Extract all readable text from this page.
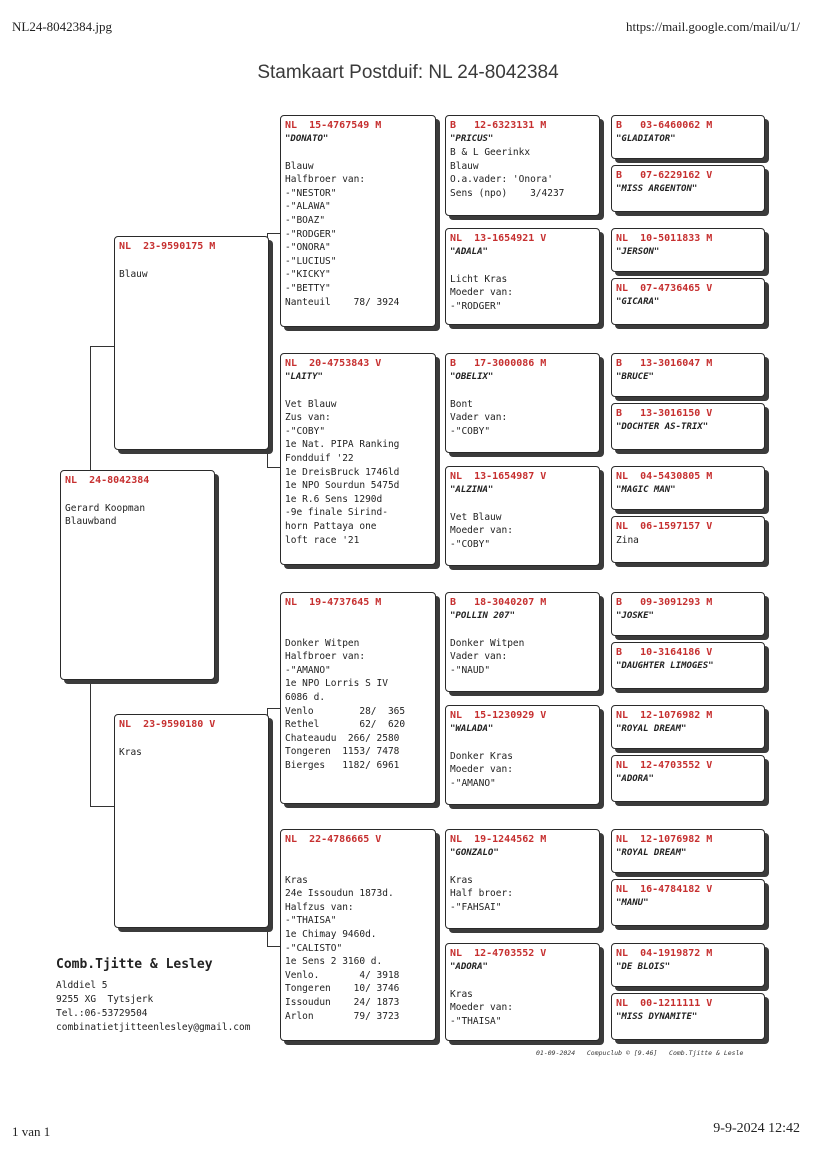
NL24-8042384.jpg	https://mail.google.com/mail/u/1/
Stamkaart Postduif: NL 24-8042384
NL  24-8042384

Gerard Koopman
Blauwband
NL  23-9590175 M

Blauw
NL  23-9590180 V

Kras
NL  15-4767549 M
"DONATO"

Blauw
Halfbroer van:
-"NESTOR"
-"ALAWA"
-"BOAZ"
-"RODGER"
-"ONORA"
-"LUCIUS"
-"KICKY"
-"BETTY"
Nanteuil    78/ 3924
NL  20-4753843 V
"LAITY"

Vet Blauw
Zus van:
-"COBY"
1e Nat. PIPA Ranking
Fondduif '22
1e DreisBruck 1746ld
1e NPO Sourdun 5475d
1e R.6 Sens 1290d
-9e finale Sirind-
horn Pattaya one
loft race '21
NL  19-4737645 M

Donker Witpen
Halfbroer van:
-"AMANO"
1e NPO Lorris S IV
6086 d.
Venlo        28/  365
Rethel       62/  620
Chateaudu  266/ 2580
Tongeren  1153/ 7478
Bierges   1182/ 6961
NL  22-4786665 V

Kras
24e Issoudun 1873d.
Halfzus van:
-"THAISA"
1e Chimay 9460d.
-"CALISTO"
1e Sens 2 3160 d.
Venlo.       4/ 3918
Tongeren    10/ 3746
Issoudun    24/ 1873
Arlon       79/ 3723
B   12-6323131 M
"PRICUS"
B & L Geerinkx
Blauw
O.a.vader: 'Onora'
Sens (npo)    3/4237
NL  13-1654921 V
"ADALA"

Licht Kras
Moeder van:
-"RODGER"
B   17-3000086 M
"OBELIX"

Bont
Vader van:
-"COBY"
NL  13-1654987 V
"ALZINA"

Vet Blauw
Moeder van:
-"COBY"
B   18-3040207 M
"POLLIN 207"

Donker Witpen
Vader van:
-"NAUD"
NL  15-1230929 V
"WALADA"

Donker Kras
Moeder van:
-"AMANO"
NL  19-1244562 M
"GONZALO"

Kras
Half broer:
-"FAHSAI"
NL  12-4703552 V
"ADORA"

Kras
Moeder van:
-"THAISA"
B   03-6460062 M
"GLADIATOR"
B   07-6229162 V
"MISS ARGENTON"
NL  10-5011833 M
"JERSON"
NL  07-4736465 V
"GICARA"
B   13-3016047 M
"BRUCE"
B   13-3016150 V
"DOCHTER AS-TRIX"
NL  04-5430805 M
"MAGIC MAN"
NL  06-1597157 V
Zina
B   09-3091293 M
"JOSKE"
B   10-3164186 V
"DAUGHTER LIMOGES"
NL  12-1076982 M
"ROYAL DREAM"
NL  12-4703552 V
"ADORA"
NL  12-1076982 M
"ROYAL DREAM"
NL  16-4784182 V
"MANU"
NL  04-1919872 M
"DE BLOIS"
NL  00-1211111 V
"MISS DYNAMITE"
Comb.Tjitte & Lesley
Alddiel 5
9255 XG  Tytsjerk
Tel.:06-53729504
combinatietjitteenlesley@gmail.com
01-09-2024   Compuclub © [9.46]   Comb.Tjitte & Lesle
1 van 1	9-9-2024 12:42
